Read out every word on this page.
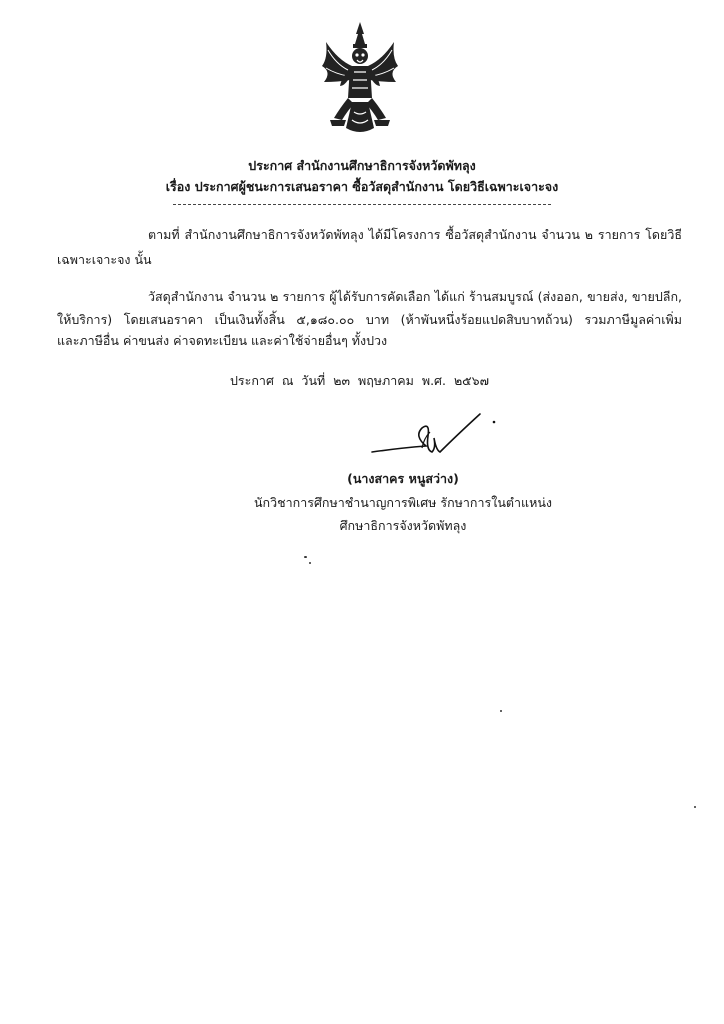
ประกาศ สำนักงานศึกษาธิการจังหวัดพัทลุง
เรื่อง ประกาศผู้ชนะการเสนอราคา ซื้อวัสดุสำนักงาน โดยวิธีเฉพาะเจาะจง
ตามที่ สำนักงานศึกษาธิการจังหวัดพัทลุง ได้มีโครงการ ซื้อวัสดุสำนักงาน จำนวน ๒ รายการ โดยวิธี
เฉพาะเจาะจง นั้น
วัสดุสำนักงาน จำนวน ๒ รายการ ผู้ได้รับการคัดเลือก ได้แก่ ร้านสมบูรณ์ (ส่งออก, ขายส่ง, ขายปลีก,
ให้บริการ) โดยเสนอราคา เป็นเงินทั้งสิ้น ๕,๑๘๐.๐๐ บาท (ห้าพันหนึ่งร้อยแปดสิบบาทถ้วน) รวมภาษีมูลค่าเพิ่ม
และภาษีอื่น ค่าขนส่ง ค่าจดทะเบียน และค่าใช้จ่ายอื่นๆ ทั้งปวง
ประกาศ ณ วันที่ ๒๓ พฤษภาคม พ.ศ. ๒๕๖๗
(นางสาคร หนูสว่าง)
นักวิชาการศึกษาชำนาญการพิเศษ รักษาการในตำแหน่ง
ศึกษาธิการจังหวัดพัทลุง
